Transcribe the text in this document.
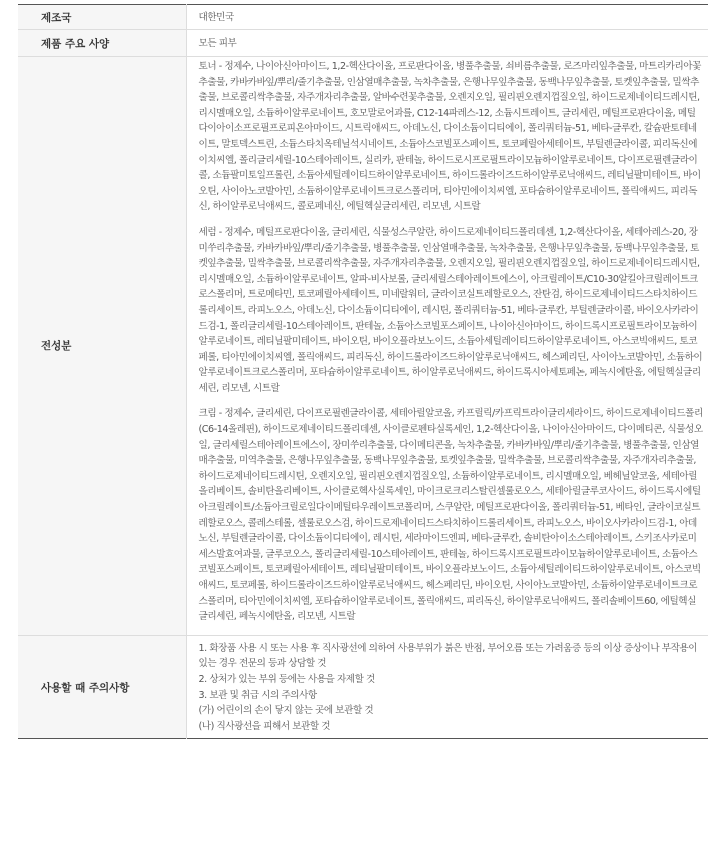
제조국	대한민국
제품 주요 사양	모든 피부
전성분	토너 - 정제수, 나이아신아마이드, 1,2-헥산다이올, 프로판다이올, 병풀추출물, 쇠비름추출물, 로즈마리잎추출물, 마트리카리아꽃추출물, 카바카바잎/뿌리/줄기추출물, 인삼열매추출물, 녹차추출물, 은행나무잎추출물, 동백나무잎추출물, 토켓잎추출물, 밀싹추출물, 브로콜리싹추출물, 자주개자리추출물, 알바수련꽃추출물, 오렌지오일, 필리핀오렌지껍질오일, 하이드로제네이티드레시틴, 리시멜매오일, 소듐하이알루로네이트, 호모말로어과를, C12-14파레스-12, 소듐시트레이트, 글리세린, 메틸프로판다이올, 메틸다이아이소프로필프로피온아마이드, 시트릭애씨드, 아데노신, 다이소듐이디티에이, 폴리쿼터늄-51, 베타-글루칸, 칼슘판토테네이트, 말토덱스트린, 소듐스타치옥테닐석시네이트, 소듐아스코빌포스페이트, 토코페릴아세테이트, 부틸렌글라이콜, 피리독신에이치씨엘, 폴리글리세릴-10스테아레이트, 실리카, 판테놀, 하이드로시프로필트라이모늄하이알루로네이트, 다이프로필렌글라이콜, 소듐팔미토일프롤린, 소듐아세틸레이티드하이알루로네이트, 하이드롤라이즈드하이알루로닉애씨드, 레티닐팔미테이트, 바이오틴, 사이아노코발아민, 소듐하이알루로네이트크로스폴리머, 티아민에이치씨엘, 포타슘하이알루로네이트, 폴릭애씨드, 피리독신, 하이알루로닉애씨드, 콜로페네신, 에틸헥실글리세린, 리모넨, 시트랄

세럼 - 정제수, 메틸프로판다이올, 글리세린, 식물성스쿠알란, 하이드로제네이티드폴리데센, 1,2-헥산다이올, 세테아레스-20, 장미쑤리추출물, 카바카바잎/뿌리/줄기추출물, 병풀추출물, 인삼열매추출물, 녹차추출물, 은행나무잎추출물, 동백나무잎추출물, 토켓잎추출물, 밀싹추출물, 브로콜리싹추출물, 자주개자리추출물, 오렌지오일, 필리핀오렌지껍질오일, 하이드로제네이티드레시틴, 리시멜매오일, 소듐하이알루로네이트, 알파-비사보롤, 글리세릴스테아레이트에스이, 아크릴레이트/C10-30알킬아크릴레이트크로스폴리머, 트로메타민, 토코페릴아세테이트, 미네랄워터, 글라이코실트레할로오스, 잔탄검, 하이드로제네이티드스타치하이드롤리세이트, 라피노오스, 아데노신, 다이소듐이디티에이, 레시틴, 폴리쿼터늄-51, 베타-글루칸, 부틸렌글라이콜, 바이오사카라이드검-1, 폴리글리세릴-10스테아레이트, 판테놀, 소듐아스코빌포스페이트, 나이아신아마이드, 하이드록시프로필트라이모늄하이알루로네이트, 레티닐팔미테이트, 바이오틴, 바이오플라보노이드, 소듐아세틸레이티드하이알루로네이트, 아스코빅애씨드, 토코페롤, 티아민에이치씨엘, 폴릭애씨드, 피리독신, 하이드롤라이즈드하이알루로닉애씨드, 헤스페리딘, 사이아노코발아민, 소듐하이알루로네이트크로스폴리머, 포타슘하이알루로네이트, 하이알루로닉애씨드, 하이드록시아세토페논, 페녹시에탄올, 에틸헥실글리세린, 리모넨, 시트랄

크림 - 정제수, 글리세린, 다이프로필렌글라이콜, 세테아릴알코올, 카프릴릭/카프릭트라이글리세라이드, 하이드로제네이티드폴리(C6-14올레핀), 하이드로제네이티드폴리데센, 사이클로펜타실록세인, 1,2-헥산다이올, 나이아신아마이드, 다이메티콘, 식물성오일, 글리세릴스테아레이트에스이, 장미쑤리추출물, 다이메티콘올, 녹차추출물, 카바카바잎/뿌리/줄기추출물, 병풀추출물, 인삼열매추출물, 미역추출물, 은행나무잎추출물, 동백나무잎추출물, 토켓잎추출물, 밀싹추출물, 브로콜리싹추출물, 자주개자리추출물, 하이드로제네이티드레시틴, 오렌지오일, 필리핀오렌지껍질오일, 소듐하이알루로네이트, 리시멜매오일, 베헤닐알코올, 세테아릴올리베이트, 솔비탄올리베이트, 사이클로헥사실록세인, 마이크로크리스탈린셀룰로오스, 세테아릴글루코사이드, 하이드록시에틸아크릴레이트/소듐아크릴로일다이메틸타우레이트코폴리머, 스쿠알란, 메틸프로판다이올, 폴리쿼터늄-51, 베타인, 글라이코실트레할로오스, 콜레스테롤, 셀룰로오스검, 하이드로제네이티드스타치하이드롤리세이트, 라피노오스, 바이오사카라이드검-1, 아데노신, 부틸렌글라이콜, 다이소듐이디티에이, 레시틴, 세라마이드엔피, 베타-글루칸, 솔비탄아이소스테아레이트, 스키조사카로미세스발효여과물, 글루코오스, 폴리글리세릴-10스테아레이트, 판테놀, 하이드록시프로필트라이모늄하이알루로네이트, 소듐아스코빌포스페이트, 토코페릴아세테이트, 레티닐팔미테이트, 바이오플라보노이드, 소듐아세틸레이티드하이알루로네이트, 아스코빅애씨드, 토코페롤, 하이드롤라이즈드하이알루로닉애씨드, 헤스페리딘, 바이오틴, 사이아노코발아민, 소듐하이알루로네이트크로스폴리머, 티아민에이치씨엘, 포타슘하이알루로네이트, 폴릭애씨드, 피리독신, 하이알루로닉애씨드, 폴리솔베이트60, 에틸헥실글리세린, 페녹시에탄올, 리모넨, 시트랄

사용할 때 주의사항	1. 화장품 사용 시 또는 사용 후 직사광선에 의하여 사용부위가 붉은 반점, 부어오름 또는 가려움증 등의 이상 증상이나 부작용이 있는 경우 전문의 등과 상담할 것

2. 상처가 있는 부위 등에는 사용을 자제할 것

3. 보관 및 취급 시의 주의사항

(가) 어린이의 손이 닿지 않는 곳에 보관할 것

(나) 직사광선을 피해서 보관할 것
